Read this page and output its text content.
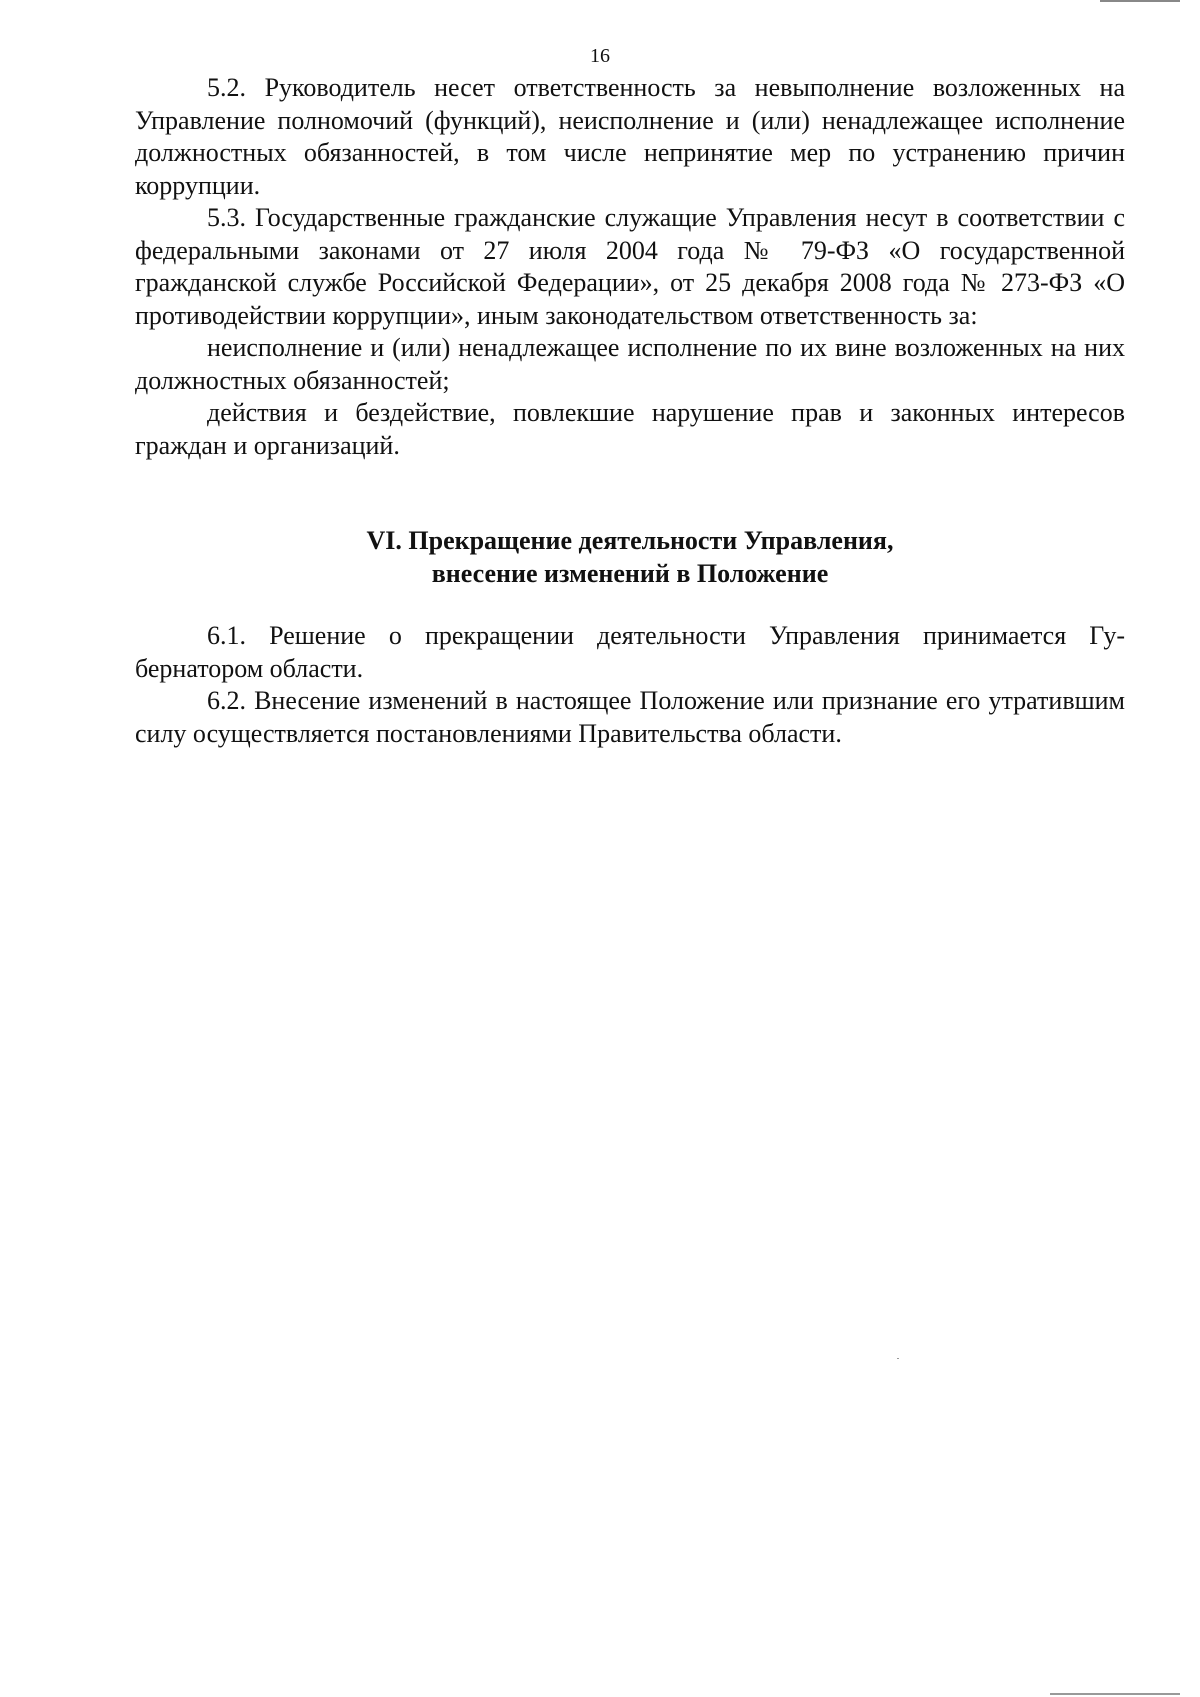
16

5.2. Руководитель несет ответственность за невыполнение возложенных на Управление полномочий (функций), неисполнение и (или) ненадлежащее исполнение должностных обязанностей, в том числе непринятие мер по устранению причин коррупции.

5.3. Государственные гражданские служащие Управления несут в соответствии с федеральными законами от 27 июля 2004 года № 79-ФЗ «О государственной гражданской службе Российской Федерации», от 25 декабря 2008 года № 273-ФЗ «О противодействии коррупции», иным законодательством ответственность за:

неисполнение и (или) ненадлежащее исполнение по их вине возложенных на них должностных обязанностей;

действия и бездействие, повлекшие нарушение прав и законных интересов граждан и организаций.

VI. Прекращение деятельности Управления,
внесение изменений в Положение

6.1. Решение о прекращении деятельности Управления принимается Губернатором области.

6.2. Внесение изменений в настоящее Положение или признание его утратившим силу осуществляется постановлениями Правительства области.
